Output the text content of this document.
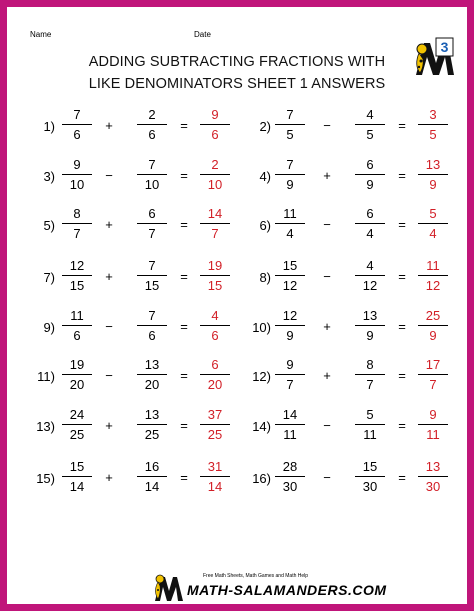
Name	Date
ADDING SUBTRACTING FRACTIONS WITH
LIKE DENOMINATORS SHEET 1 ANSWERS
3
1)
7
6
+
2
6
=
9
6
2)
7
5
−
4
5
=
3
5
3)
9
10
−
7
10
=
2
10
4)
7
9
+
6
9
=
13
9
5)
8
7
+
6
7
=
14
7
6)
11
4
−
6
4
=
5
4
7)
12
15
+
7
15
=
19
15
8)
15
12
−
4
12
=
11
12
9)
11
6
−
7
6
=
4
6
10)
12
9
+
13
9
=
25
9
11)
19
20
−
13
20
=
6
20
12)
9
7
+
8
7
=
17
7
13)
24
25
+
13
25
=
37
25
14)
14
11
−
5
11
=
9
11
15)
15
14
+
16
14
=
31
14
16)
28
30
−
15
30
=
13
30
Free Math Sheets, Math Games and Math Help
MATH-SALAMANDERS.COM
